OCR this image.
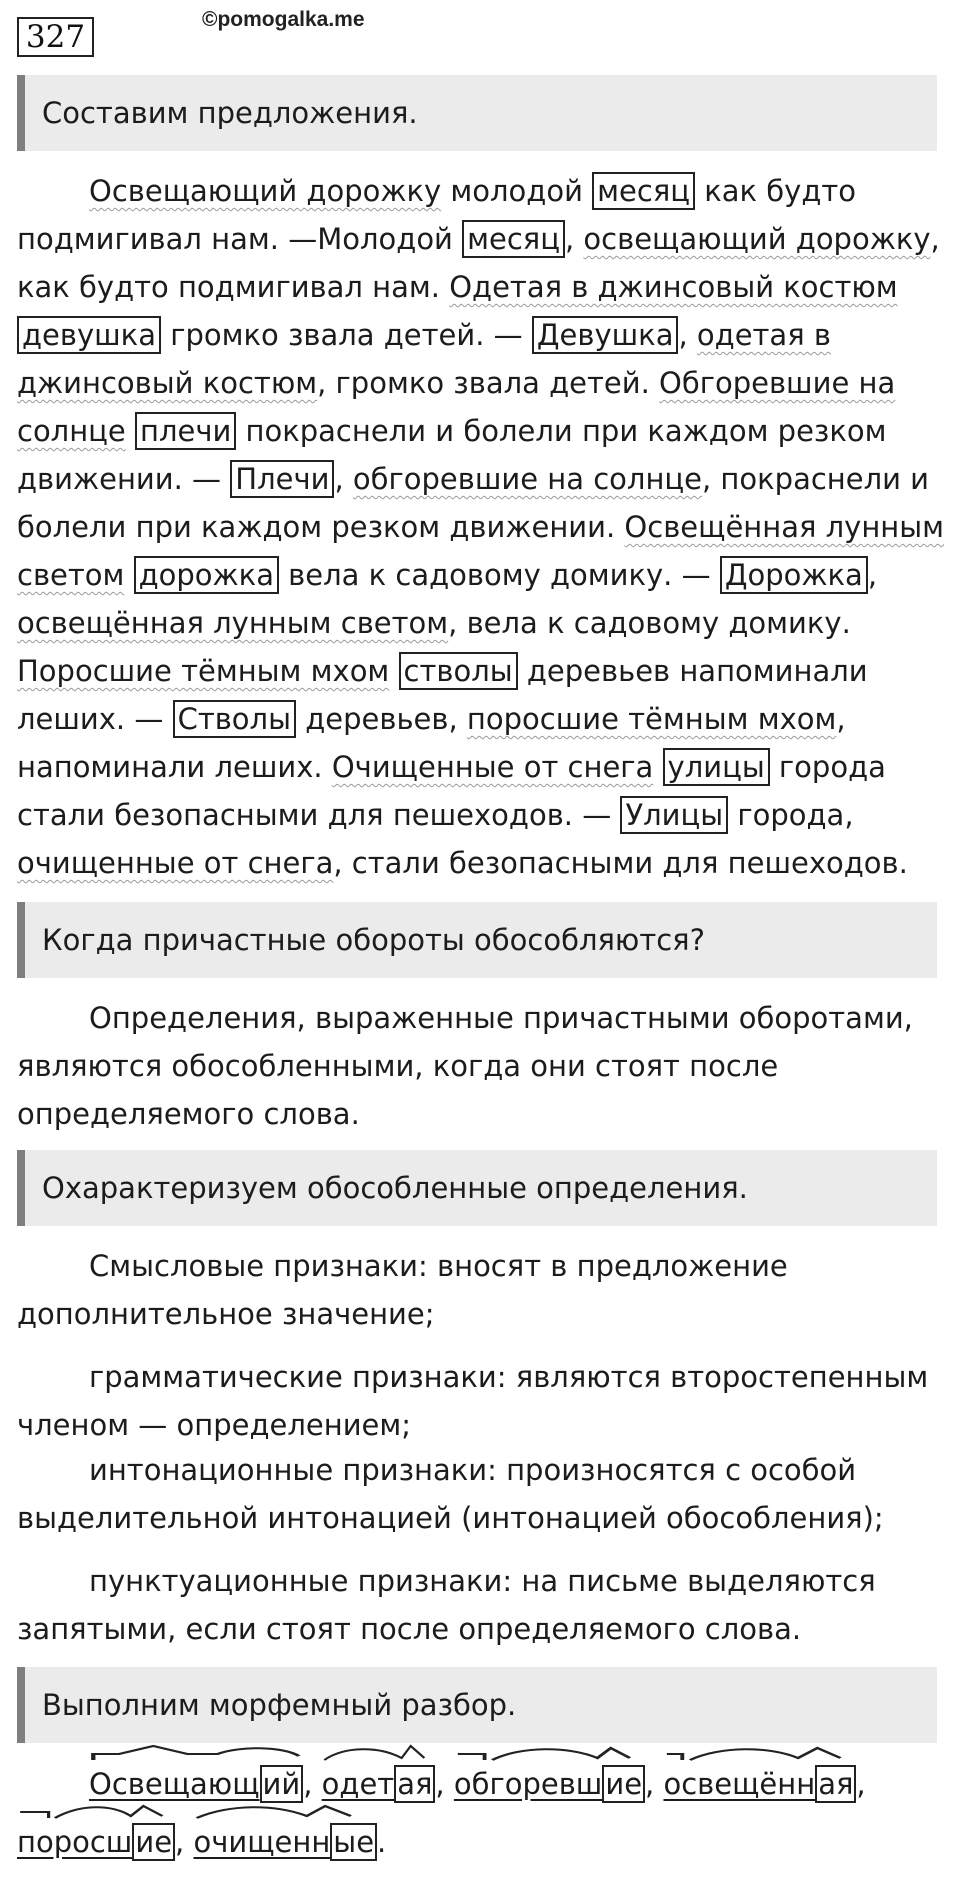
327	©pomogalka.me
Составим предложения.
Освещающий дорожку молодой месяц как будто
подмигивал нам. —Молодой месяц , освещающий дорожку,
как будто подмигивал нам. Одетая в джинсовый костюм
девушка громко звала детей. — Девушка , одетая в
джинсовый костюм, громко звала детей. Обгоревшие на
солнце плечи покраснели и болели при каждом резком
движении. — Плечи , обгоревшие на солнце, покраснели и
болели при каждом резком движении. Освещённая лунным
светом дорожка вела к садовому домику. — Дорожка ,
освещённая лунным светом, вела к садовому домику.
Поросшие тёмным мхом стволы деревьев напоминали
леших. — Стволы деревьев, поросшие тёмным мхом,
напоминали леших. Очищенные от снега улицы города
стали безопасными для пешеходов. — Улицы города,
очищенные от снега, стали безопасными для пешеходов.
Когда причастные обороты обособляются?
Определения, выраженные причастными оборотами,
являются обособленными, когда они стоят после
определяемого слова.
Охарактеризуем обособленные определения.
Смысловые признаки: вносят в предложение
дополнительное значение;
грамматические признаки: являются второстепенным
членом — определением;
интонационные признаки: произносятся с особой
выделительной интонацией (интонацией обособления);
пунктуационные признаки: на письме выделяются
запятыми, если стоят после определяемого слова.
Выполним морфемный разбор.
Освещающ ий ,
одет ая ,
обгоревш ие ,
освещённ ая ,
поросш ие ,
очищенн ые .
